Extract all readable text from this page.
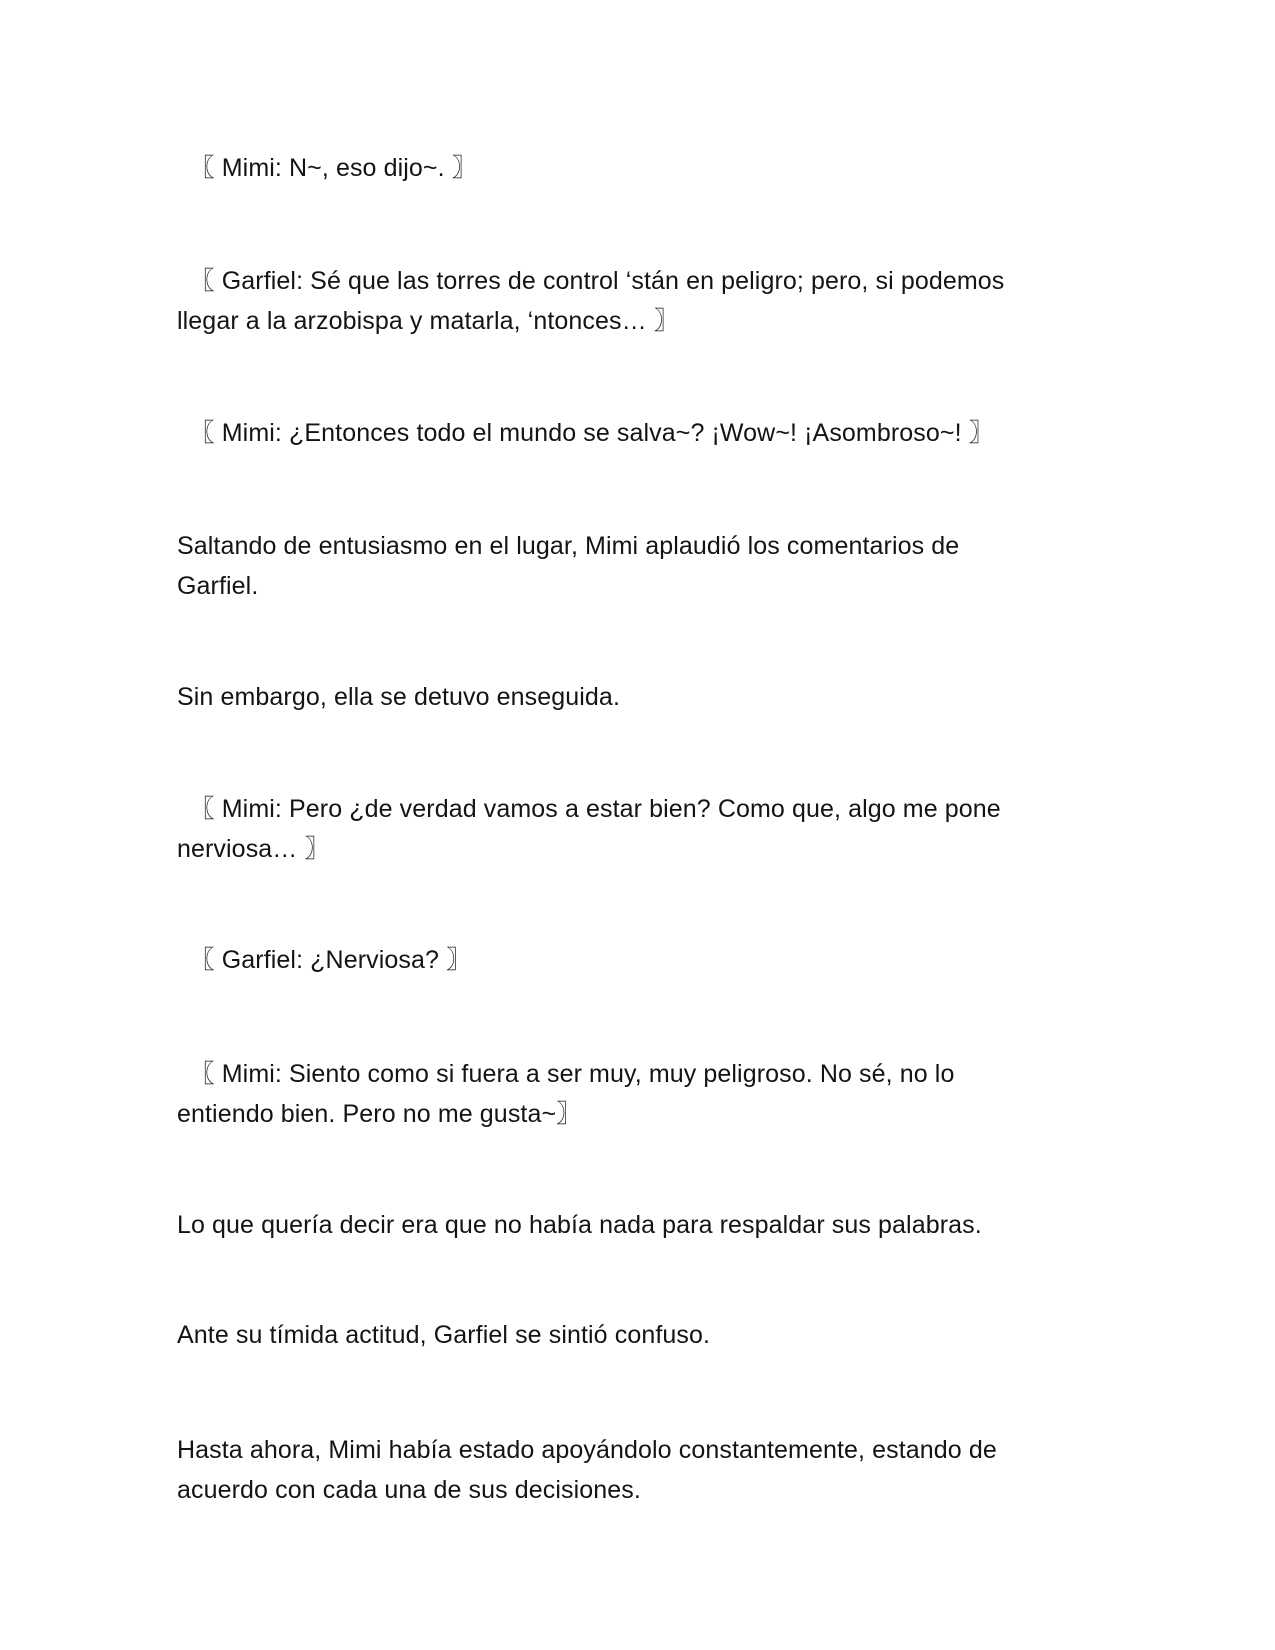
　〖 Mimi: N~, eso dijo~. 〗

　〖 Garfiel: Sé que las torres de control ‘stán en peligro; pero, si podemos
llegar a la arzobispa y matarla, ‘ntonces… 〗

　〖 Mimi: ¿Entonces todo el mundo se salva~? ¡Wow~! ¡Asombroso~! 〗

Saltando de entusiasmo en el lugar, Mimi aplaudió los comentarios de
Garfiel.

Sin embargo, ella se detuvo enseguida.

　〖 Mimi: Pero ¿de verdad vamos a estar bien? Como que, algo me pone
nerviosa… 〗

　〖 Garfiel: ¿Nerviosa? 〗

　〖 Mimi: Siento como si fuera a ser muy, muy peligroso. No sé, no lo
entiendo bien. Pero no me gusta~〗

Lo que quería decir era que no había nada para respaldar sus palabras.

Ante su tímida actitud, Garfiel se sintió confuso.

Hasta ahora, Mimi había estado apoyándolo constantemente, estando de
acuerdo con cada una de sus decisiones.
